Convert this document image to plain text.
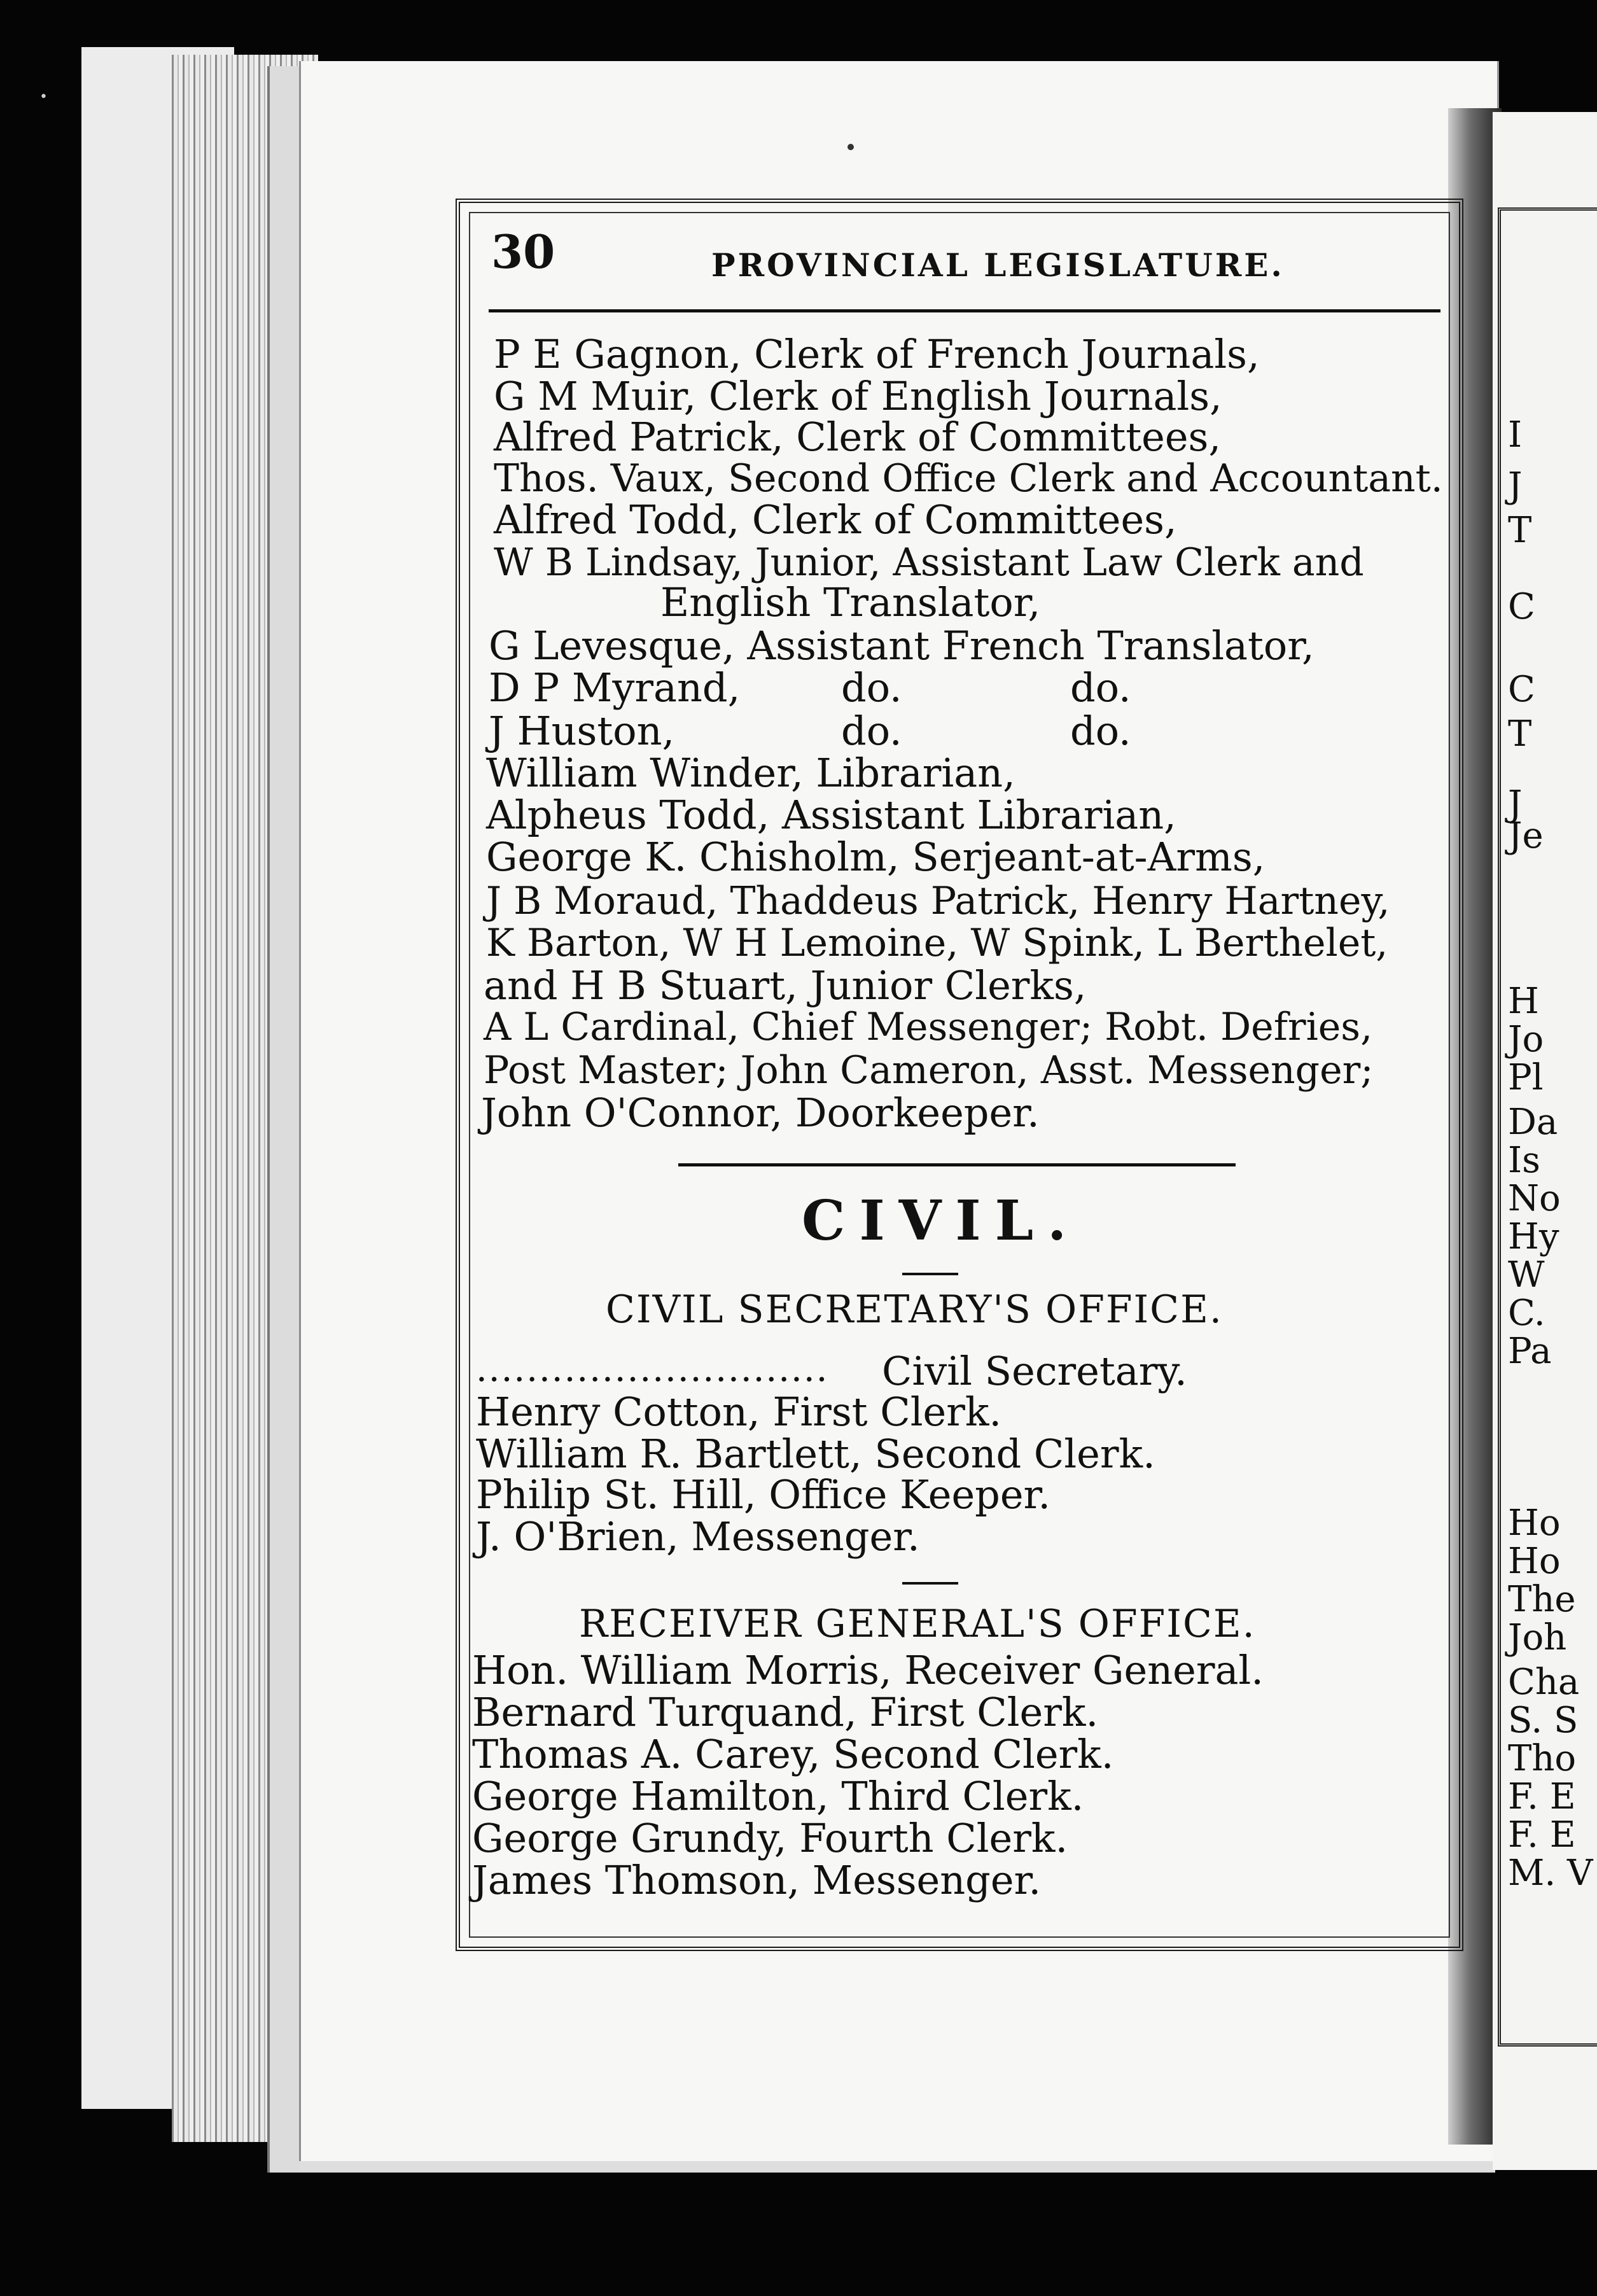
•
I
J
T
C
C
T
J
Je
H
Jo
Pl
Da
Is
No
Hy
W
C.
Pa
Ho
Ho
The
Joh
Cha
S. S
Tho
F. E
F. E
M. V
30	PROVINCIAL LEGISLATURE.
P E Gagnon, Clerk of French Journals,
G M Muir, Clerk of English Journals,
Alfred Patrick, Clerk of Committees,
Thos. Vaux, Second Office Clerk and Accountant.
Alfred Todd, Clerk of Committees,
W B Lindsay, Junior, Assistant Law Clerk and
English Translator,
G Levesque, Assistant French Translator,
D P Myrand,	do.	do.
J Huston,	do.	do.
William Winder, Librarian,
Alpheus Todd, Assistant Librarian,
George K. Chisholm, Serjeant-at-Arms,
J B Moraud, Thaddeus Patrick, Henry Hartney,
K Barton, W H Lemoine, W Spink, L Berthelet,
and H B Stuart, Junior Clerks,
A L Cardinal, Chief Messenger; Robt. Defries,
Post Master; John Cameron, Asst. Messenger;
John O'Connor, Doorkeeper.
CIVIL.
CIVIL SECRETARY'S OFFICE.
............................ Civil Secretary.
Henry Cotton, First Clerk.
William R. Bartlett, Second Clerk.
Philip St. Hill, Office Keeper.
J. O'Brien, Messenger.
RECEIVER GENERAL'S OFFICE.
Hon. William Morris, Receiver General.
Bernard Turquand, First Clerk.
Thomas A. Carey, Second Clerk.
George Hamilton, Third Clerk.
George Grundy, Fourth Clerk.
James Thomson, Messenger.
